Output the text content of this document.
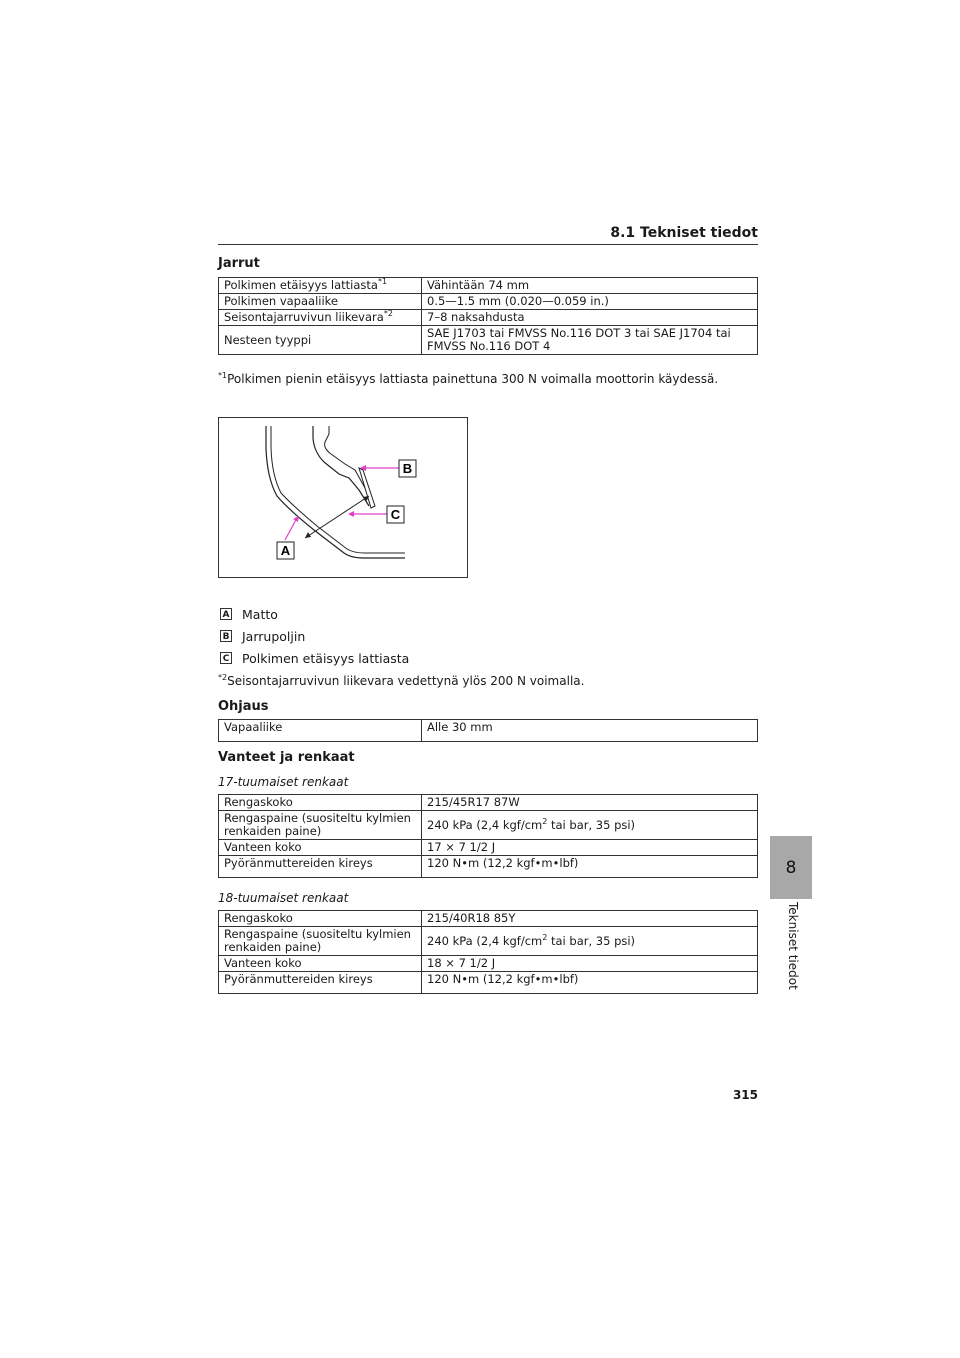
8.1 Tekniset tiedot
Jarrut
Polkimen etäisyys lattiasta$^{*1}$	Vähintään 74 mm
Polkimen vapaaliike	0.5—1.5 mm (0.020—0.059 in.)
Seisontajarruvivun liikevara$^{*2}$	7–8 naksahdusta
Nesteen tyyppi	SAE J1703 tai FMVSS No.116 DOT 3 tai SAE J1704 tai FMVSS No.116 DOT 4
$^{*1}$Polkimen pienin etäisyys lattiasta painettuna 300 N voimalla moottorin käydessä.
B
C
A
A Matto
B Jarrupoljin
C Polkimen etäisyys lattiasta
$^{*2}$Seisontajarruvivun liikevara vedettynä ylös 200 N voimalla.
Ohjaus
Vapaaliike	Alle 30 mm
Vanteet ja renkaat
17-tuumaiset renkaat
Rengaskoko	215/45R17 87W
Rengaspaine (suositeltu kylmien renkaiden paine)	240 kPa (2,4 kgf/$cm^2$ tai bar, 35 psi)
Vanteen koko	17 × 7 1/2 J
Pyöränmuttereiden kireys	120 N•m (12,2 kgf•m•lbf)
18-tuumaiset renkaat
Rengaskoko	215/40R18 85Y
Rengaspaine (suositeltu kylmien renkaiden paine)	240 kPa (2,4 kgf/$cm^2$ tai bar, 35 psi)
Vanteen koko	18 × 7 1/2 J
Pyöränmuttereiden kireys	120 N•m (12,2 kgf•m•lbf)
8
Tekniset tiedot
315
